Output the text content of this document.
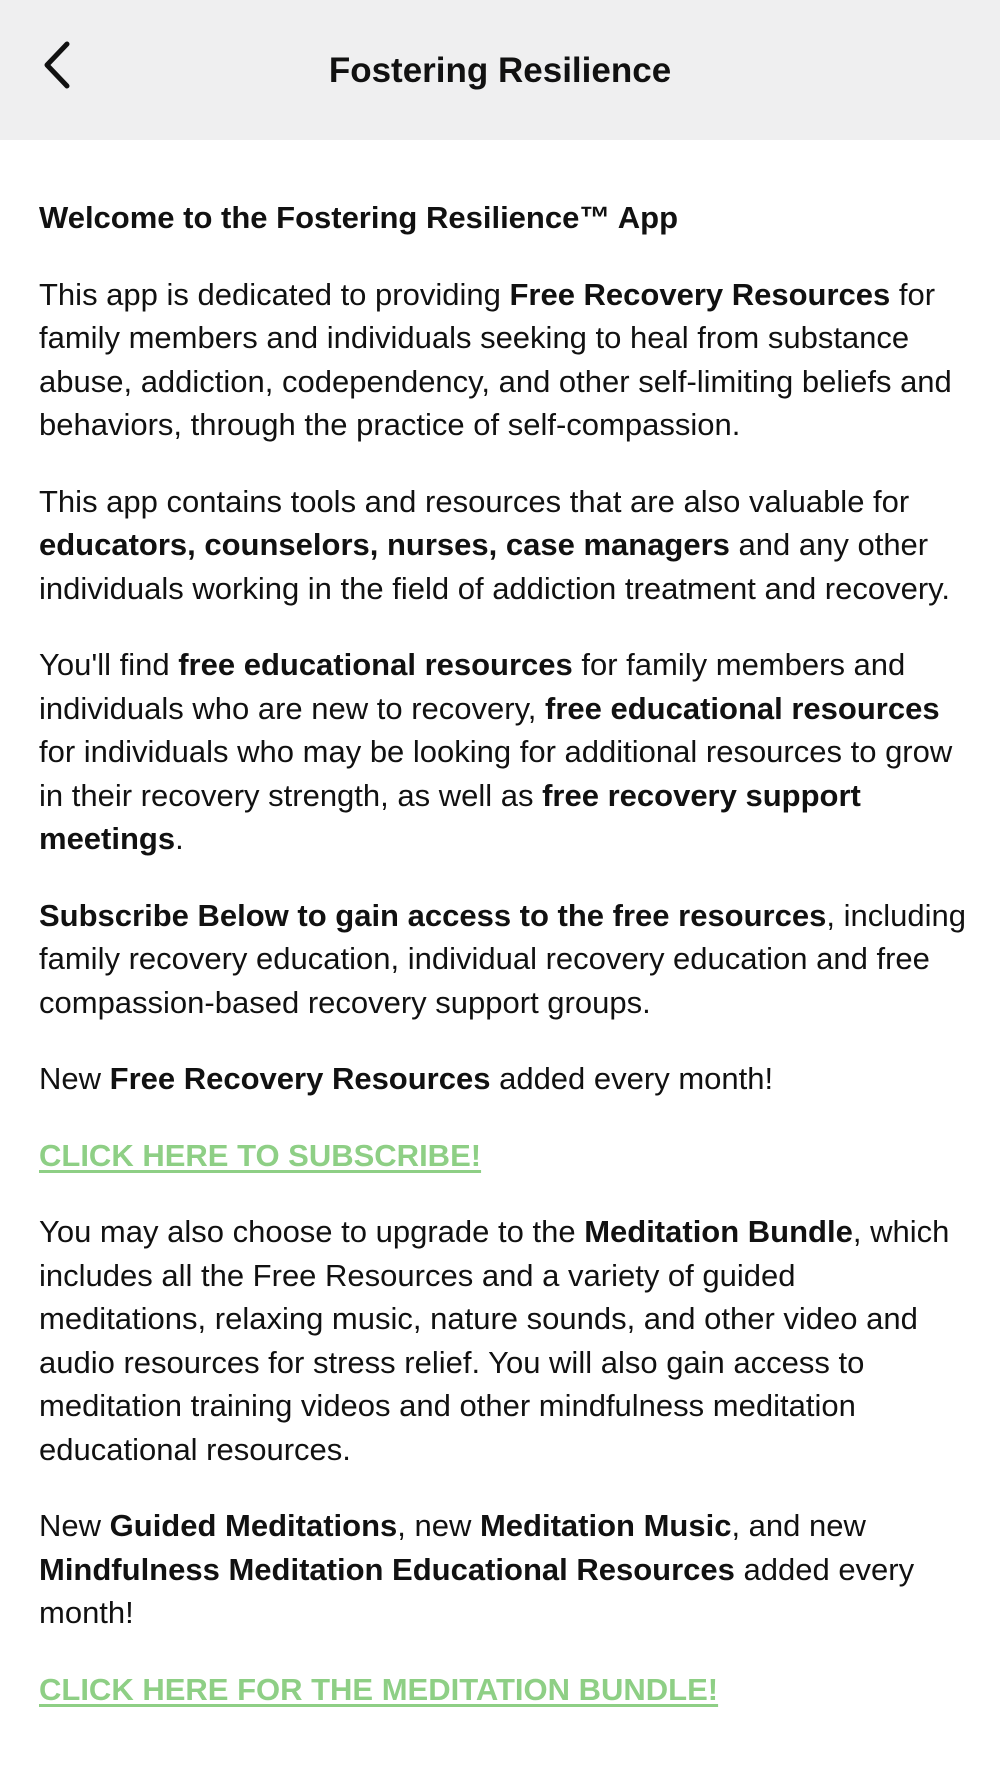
Fostering Resilience

Welcome to the Fostering Resilience™ App

This app is dedicated to providing Free Recovery Resources for family members and individuals seeking to heal from substance abuse, addiction, codependency, and other self-limiting beliefs and behaviors, through the practice of self-compassion.

This app contains tools and resources that are also valuable for educators, counselors, nurses, case managers and any other individuals working in the field of addiction treatment and recovery.

You'll find free educational resources for family members and individuals who are new to recovery, free educational resources for individuals who may be looking for additional resources to grow in their recovery strength, as well as free recovery support meetings.

Subscribe Below to gain access to the free resources, including family recovery education, individual recovery education and free compassion-based recovery support groups.

New Free Recovery Resources added every month!

CLICK HERE TO SUBSCRIBE!

You may also choose to upgrade to the Meditation Bundle, which includes all the Free Resources and a variety of guided meditations, relaxing music, nature sounds, and other video and audio resources for stress relief. You will also gain access to meditation training videos and other mindfulness meditation educational resources.

New Guided Meditations, new Meditation Music, and new Mindfulness Meditation Educational Resources added every month!

CLICK HERE FOR THE MEDITATION BUNDLE!
